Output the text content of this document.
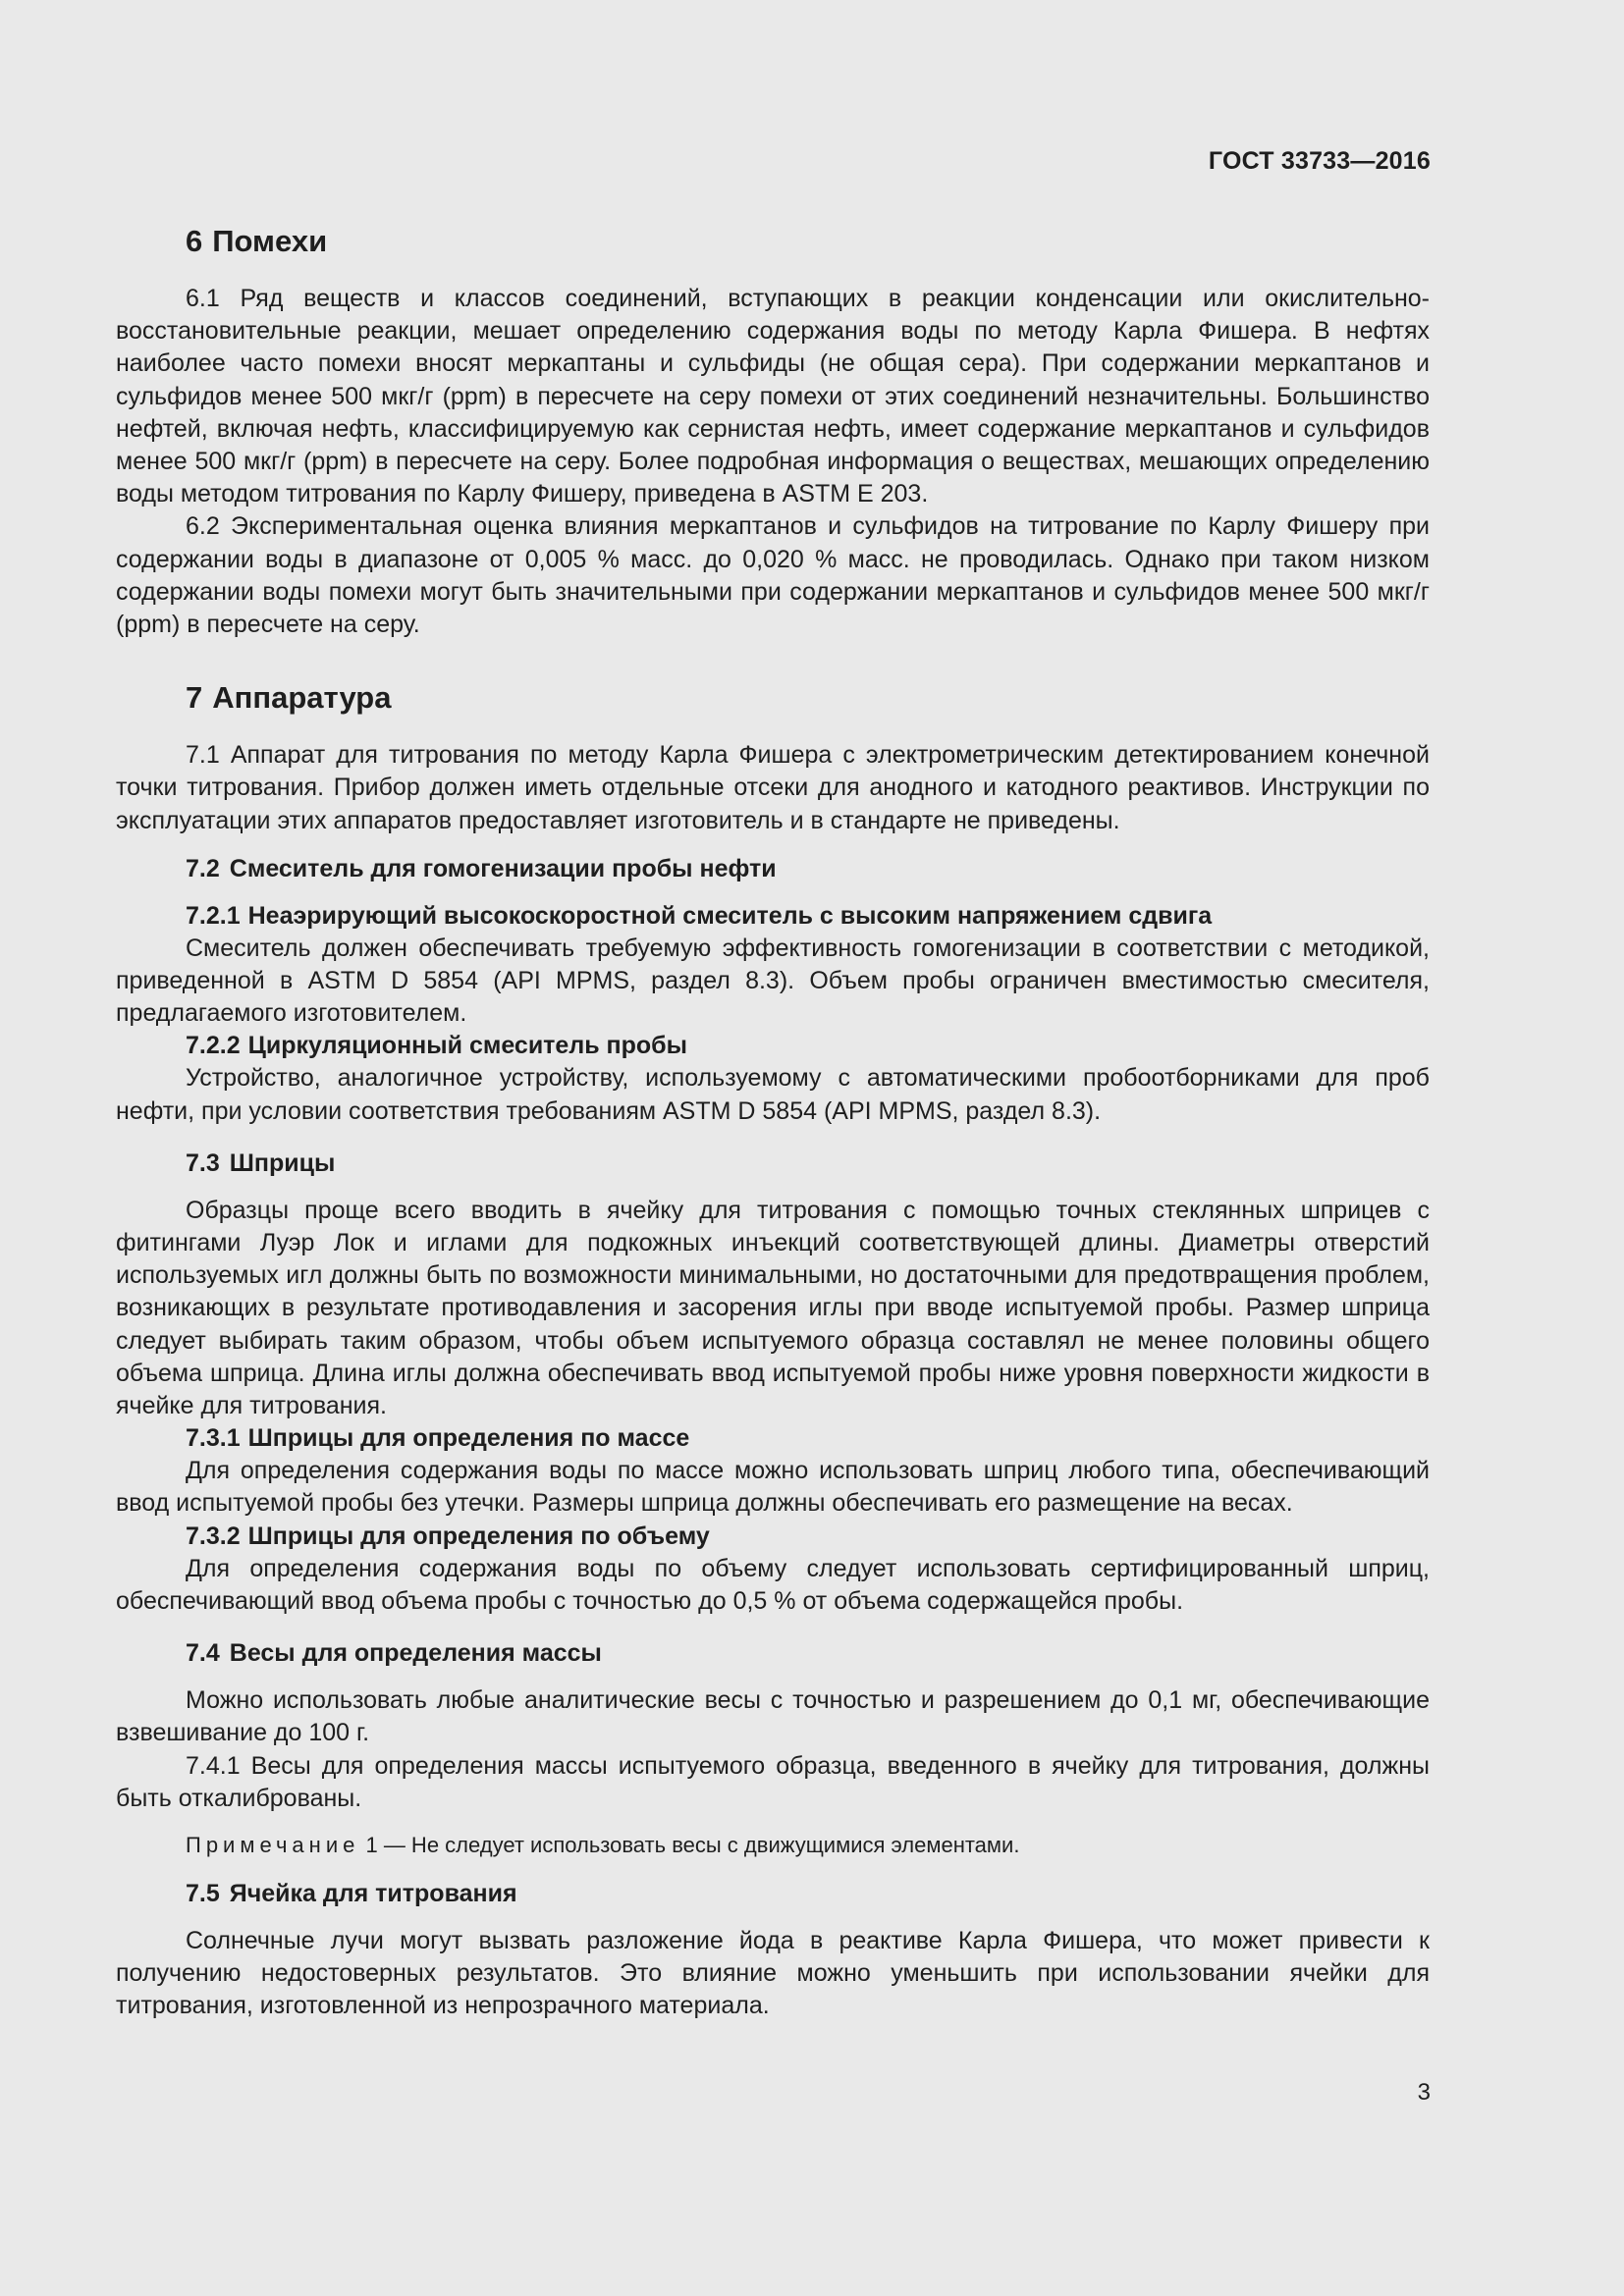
ГОСТ 33733—2016
6 Помехи

6.1 Ряд веществ и классов соединений, вступающих в реакции конденсации или окислительно-восстановительные реакции, мешает определению содержания воды по методу Карла Фишера. В нефтях наиболее часто помехи вносят меркаптаны и сульфиды (не общая сера). При содержании меркаптанов и сульфидов менее 500 мкг/г (ppm) в пересчете на серу помехи от этих соединений незначительны. Большинство нефтей, включая нефть, классифицируемую как сернистая нефть, имеет содержание меркаптанов и сульфидов менее 500 мкг/г (ppm) в пересчете на серу. Более подробная информация о веществах, мешающих определению воды методом титрования по Карлу Фишеру, приведена в ASTM E 203.

6.2 Экспериментальная оценка влияния меркаптанов и сульфидов на титрование по Карлу Фишеру при содержании воды в диапазоне от 0,005 % масс. до 0,020 % масс. не проводилась. Однако при таком низком содержании воды помехи могут быть значительными при содержании меркаптанов и сульфидов менее 500 мкг/г (ppm) в пересчете на серу.

7 Аппаратура

7.1 Аппарат для титрования по методу Карла Фишера с электрометрическим детектированием конечной точки титрования. Прибор должен иметь отдельные отсеки для анодного и катодного реактивов. Инструкции по эксплуатации этих аппаратов предоставляет изготовитель и в стандарте не приведены.

7.2 Смеситель для гомогенизации пробы нефти
7.2.1 Неаэрирующий высокоскоростной смеситель с высоким напряжением сдвига

Смеситель должен обеспечивать требуемую эффективность гомогенизации в соответствии с методикой, приведенной в ASTM D 5854 (API MPMS, раздел 8.3). Объем пробы ограничен вместимостью смесителя, предлагаемого изготовителем.

7.2.2 Циркуляционный смеситель пробы

Устройство, аналогичное устройству, используемому с автоматическими пробоотборниками для проб нефти, при условии соответствия требованиям ASTM D 5854 (API MPMS, раздел 8.3).

7.3 Шприцы

Образцы проще всего вводить в ячейку для титрования с помощью точных стеклянных шприцев с фитингами Луэр Лок и иглами для подкожных инъекций соответствующей длины. Диаметры отверстий используемых игл должны быть по возможности минимальными, но достаточными для предотвращения проблем, возникающих в результате противодавления и засорения иглы при вводе испытуемой пробы. Размер шприца следует выбирать таким образом, чтобы объем испытуемого образца составлял не менее половины общего объема шприца. Длина иглы должна обеспечивать ввод испытуемой пробы ниже уровня поверхности жидкости в ячейке для титрования.

7.3.1 Шприцы для определения по массе

Для определения содержания воды по массе можно использовать шприц любого типа, обеспечивающий ввод испытуемой пробы без утечки. Размеры шприца должны обеспечивать его размещение на весах.

7.3.2 Шприцы для определения по объему

Для определения содержания воды по объему следует использовать сертифицированный шприц, обеспечивающий ввод объема пробы с точностью до 0,5 % от объема содержащейся пробы.

7.4 Весы для определения массы

Можно использовать любые аналитические весы с точностью и разрешением до 0,1 мг, обеспечивающие взвешивание до 100 г.

7.4.1 Весы для определения массы испытуемого образца, введенного в ячейку для титрования, должны быть откалиброваны.

Примечание 1 — Не следует использовать весы с движущимися элементами.

7.5 Ячейка для титрования

Солнечные лучи могут вызвать разложение йода в реактиве Карла Фишера, что может привести к получению недостоверных результатов. Это влияние можно уменьшить при использовании ячейки для титрования, изготовленной из непрозрачного материала.

3
